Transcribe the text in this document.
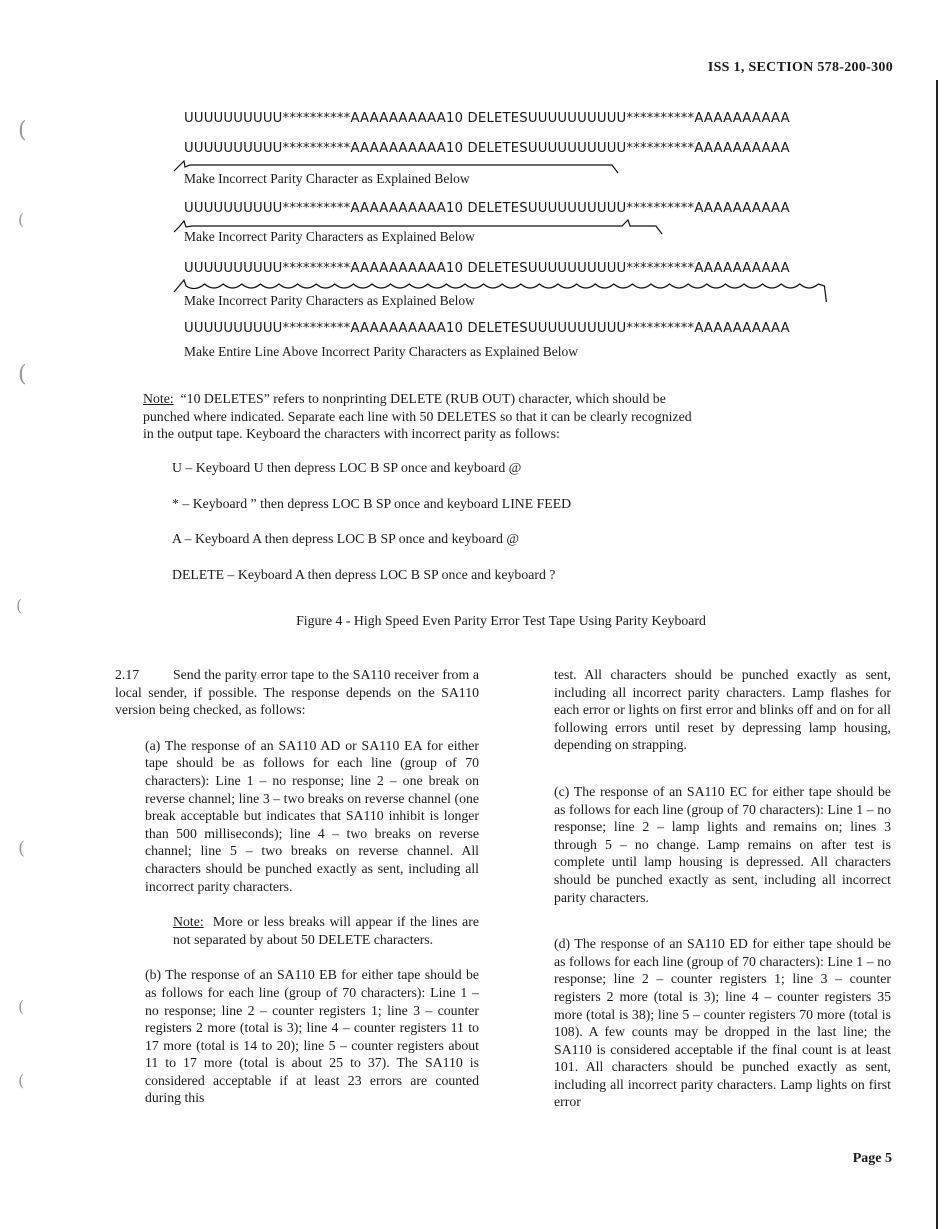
ISS 1, SECTION 578-200-300
(
(
(
(
(
(
(
UUUUUUUUUU**********AAAAAAAAAA10 DELETESUUUUUUUUUU**********AAAAAAAAAA
UUUUUUUUUU**********AAAAAAAAAA10 DELETESUUUUUUUUUU**********AAAAAAAAAA
Make Incorrect Parity Character as Explained Below
UUUUUUUUUU**********AAAAAAAAAA10 DELETESUUUUUUUUUU**********AAAAAAAAAA
Make Incorrect Parity Characters as Explained Below
UUUUUUUUUU**********AAAAAAAAAA10 DELETESUUUUUUUUUU**********AAAAAAAAAA
Make Incorrect Parity Characters as Explained Below
UUUUUUUUUU**********AAAAAAAAAA10 DELETESUUUUUUUUUU**********AAAAAAAAAA
Make Entire Line Above Incorrect Parity Characters as Explained Below
Note:  “10 DELETES” refers to nonprinting DELETE (RUB OUT) character, which should be punched where indicated. Separate each line with 50 DELETES so that it can be clearly recognized in the output tape. Keyboard the characters with incorrect parity as follows:
U – Keyboard U then depress LOC B SP once and keyboard @
* – Keyboard ” then depress LOC B SP once and keyboard LINE FEED
A – Keyboard A then depress LOC B SP once and keyboard @
DELETE – Keyboard A then depress LOC B SP once and keyboard ?
Figure 4 - High Speed Even Parity Error Test Tape Using Parity Keyboard

2.17 Send the parity error tape to the SA110 receiver from a local sender, if possible. The response depends on the SA110 version being checked, as follows:

(a) The response of an SA110 AD or SA110 EA for either tape should be as follows for each line (group of 70 characters): Line 1 – no response; line 2 – one break on reverse channel; line 3 – two breaks on reverse channel (one break acceptable but indicates that SA110 inhibit is longer than 500 milliseconds); line 4 – two breaks on reverse channel; line 5 – two breaks on reverse channel. All characters should be punched exactly as sent, including all incorrect parity characters.

Note:  More or less breaks will appear if the lines are not separated by about 50 DELETE characters.

(b) The response of an SA110 EB for either tape should be as follows for each line (group of 70 characters): Line 1 – no response; line 2 – counter registers 1; line 3 – counter registers 2 more (total is 3); line 4 – counter registers 11 to 17 more (total is 14 to 20); line 5 – counter registers about 11 to 17 more (total is about 25 to 37). The SA110 is considered acceptable if at least 23 errors are counted during this

test. All characters should be punched exactly as sent, including all incorrect parity characters. Lamp flashes for each error or lights on first error and blinks off and on for all following errors until reset by depressing lamp housing, depending on strapping.

(c) The response of an SA110 EC for either tape should be as follows for each line (group of 70 characters): Line 1 – no response; line 2 – lamp lights and remains on; lines 3 through 5 – no change. Lamp remains on after test is complete until lamp housing is depressed. All characters should be punched exactly as sent, including all incorrect parity characters.

(d) The response of an SA110 ED for either tape should be as follows for each line (group of 70 characters): Line 1 – no response; line 2 – counter registers 1; line 3 – counter registers 2 more (total is 3); line 4 – counter registers 35 more (total is 38); line 5 – counter registers 70 more (total is 108). A few counts may be dropped in the last line; the SA110 is considered acceptable if the final count is at least 101. All characters should be punched exactly as sent, including all incorrect parity characters. Lamp lights on first error

Page 5
